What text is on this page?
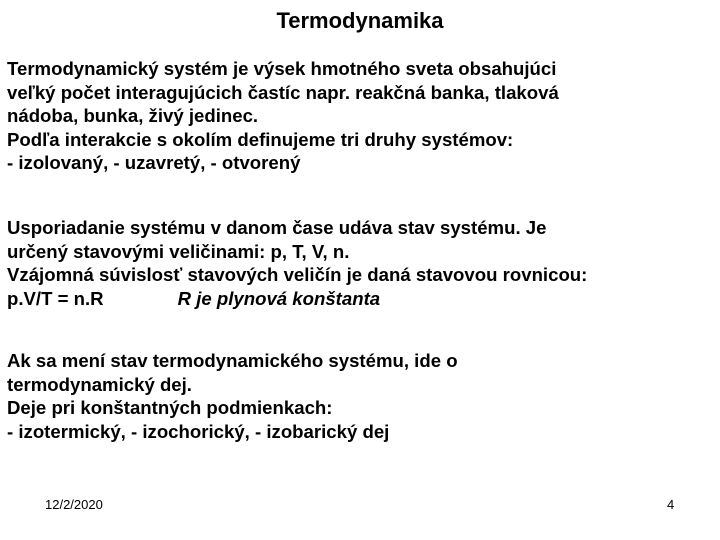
Termodynamika
Termodynamický systém je výsek hmotného sveta obsahujúci
veľký počet interagujúcich častíc napr. reakčná banka, tlaková
nádoba, bunka, živý jedinec.
Podľa interakcie s okolím definujeme tri druhy systémov:
- izolovaný, - uzavretý, - otvorený
Usporiadanie systému v danom čase udáva stav systému. Je
určený stavovými veličinami: p, T, V, n.
Vzájomná súvislosť stavových veličín je daná stavovou rovnicou:
p.V/T = n.R	R je plynová konštanta
Ak sa mení stav termodynamického systému, ide o
termodynamický dej.
Deje pri konštantných podmienkach:
- izotermický, - izochorický, - izobarický dej
12/2/2020	4
